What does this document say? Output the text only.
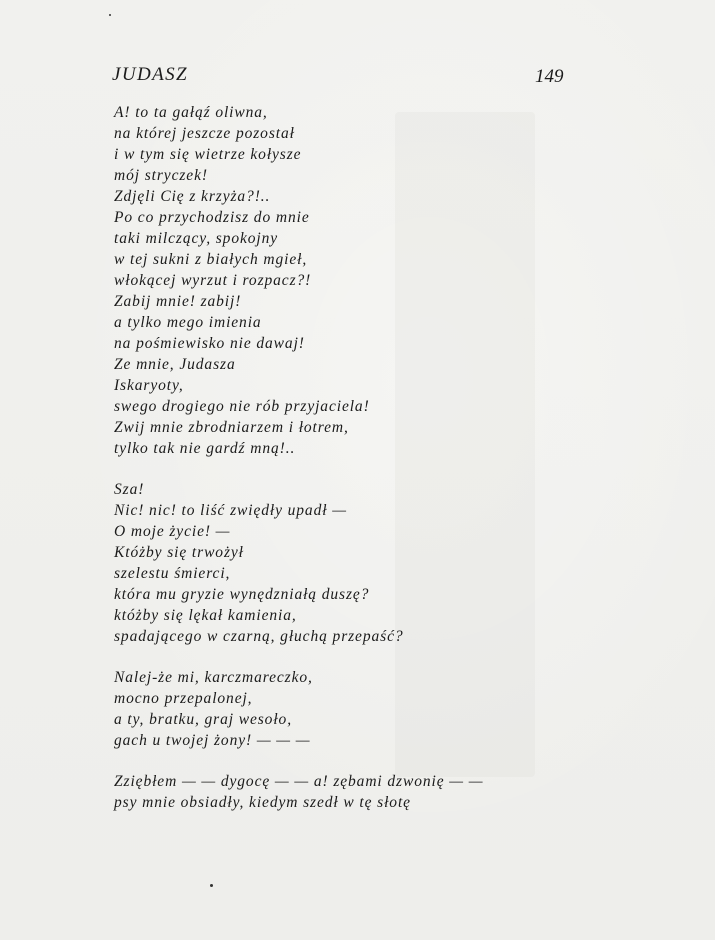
JUDASZ	149
A! to ta gałąź oliwna,
na której jeszcze pozostał
i w tym się wietrze kołysze
mój stryczek!
Zdjęli Cię z krzyża?!..
Po co przychodzisz do mnie
taki milczący, spokojny
w tej sukni z białych mgieł,
włokącej wyrzut i rozpacz?!
Zabij mnie! zabij!
a tylko mego imienia
na pośmiewisko nie dawaj!
Ze mnie, Judasza
Iskaryoty,
swego drogiego nie rób przyjaciela!
Zwij mnie zbrodniarzem i łotrem,
tylko tak nie gardź mną!..
Sza!
Nic! nic! to liść zwiędły upadł —
O moje życie! —
Któżby się trwożył
szelestu śmierci,
która mu gryzie wynędzniałą duszę?
któżby się lękał kamienia,
spadającego w czarną, głuchą przepaść?
Nalej-że mi, karczmareczko,
mocno przepalonej,
a ty, bratku, graj wesoło,
gach u twojej żony! — — —
Zziębłem — — dygocę — — a! zębami dzwonię — —
psy mnie obsiadły, kiedym szedł w tę słotę
